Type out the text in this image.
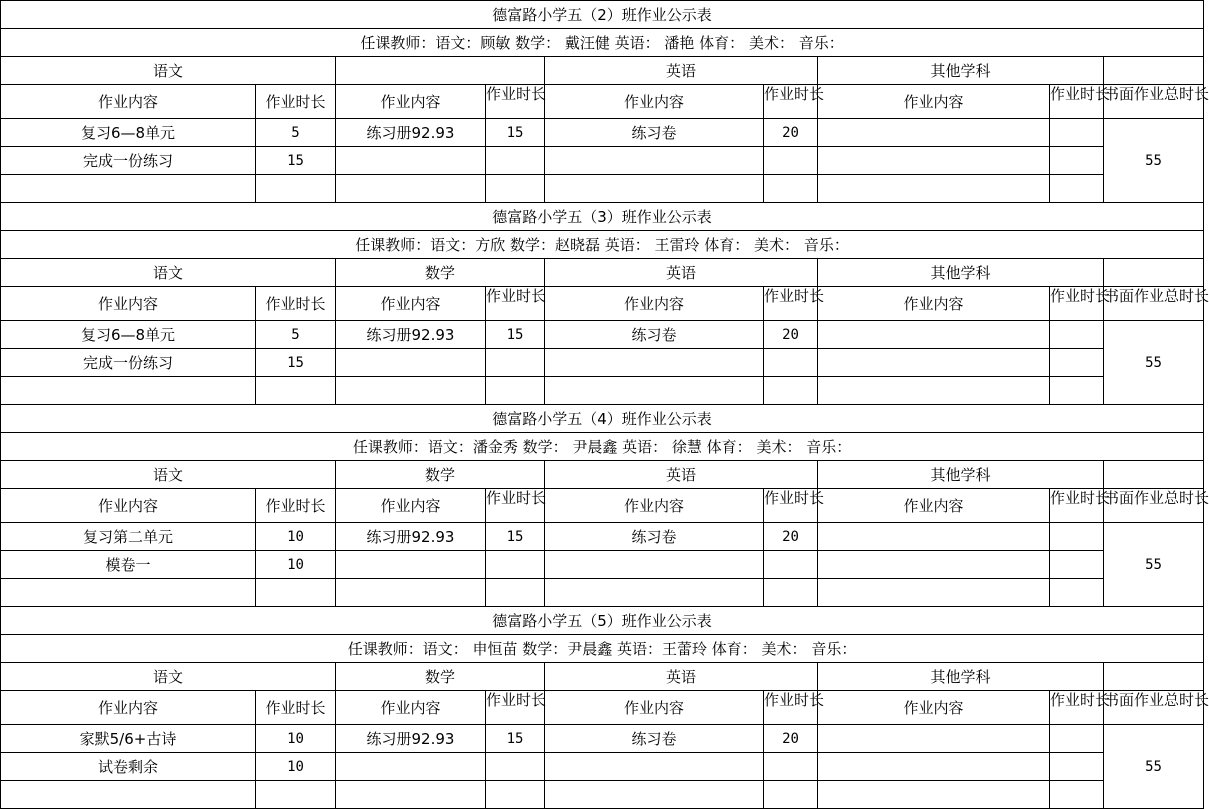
德富路小学五（2）班作业公示表								
任课教师：语文：顾敏 数学： 戴汪健 英语： 潘艳 体育： 美术： 音乐：								
语文				英语		其他学科		
作业内容	作业时长	作业内容	作业时长	作业内容	作业时长	作业内容	作业时长	书面作业总时长

复习6—8单元	5	练习册92.93	15	练习卷	20			55
完成一份练习	15							

德富路小学五（3）班作业公示表								
任课教师：语文：方欣 数学：赵晓磊 英语： 王雷玲 体育： 美术： 音乐：								
语文		数学		英语		其他学科		
作业内容	作业时长	作业内容	作业时长	作业内容	作业时长	作业内容	作业时长	书面作业总时长

复习6—8单元	5	练习册92.93	15	练习卷	20			55
完成一份练习	15							

德富路小学五（4）班作业公示表								
任课教师：语文：潘金秀 数学： 尹晨鑫 英语： 徐慧 体育： 美术： 音乐：								
语文		数学		英语		其他学科		
作业内容	作业时长	作业内容	作业时长	作业内容	作业时长	作业内容	作业时长	书面作业总时长

复习第二单元	10	练习册92.93	15	练习卷	20			55
模卷一	10							

德富路小学五（5）班作业公示表								
任课教师：语文： 申恒苗 数学：尹晨鑫 英语：王蕾玲 体育： 美术： 音乐：								
语文		数学		英语		其他学科		
作业内容	作业时长	作业内容	作业时长	作业内容	作业时长	作业内容	作业时长	书面作业总时长

家默5/6+古诗	10	练习册92.93	15	练习卷	20			55
试卷剩余	10							
